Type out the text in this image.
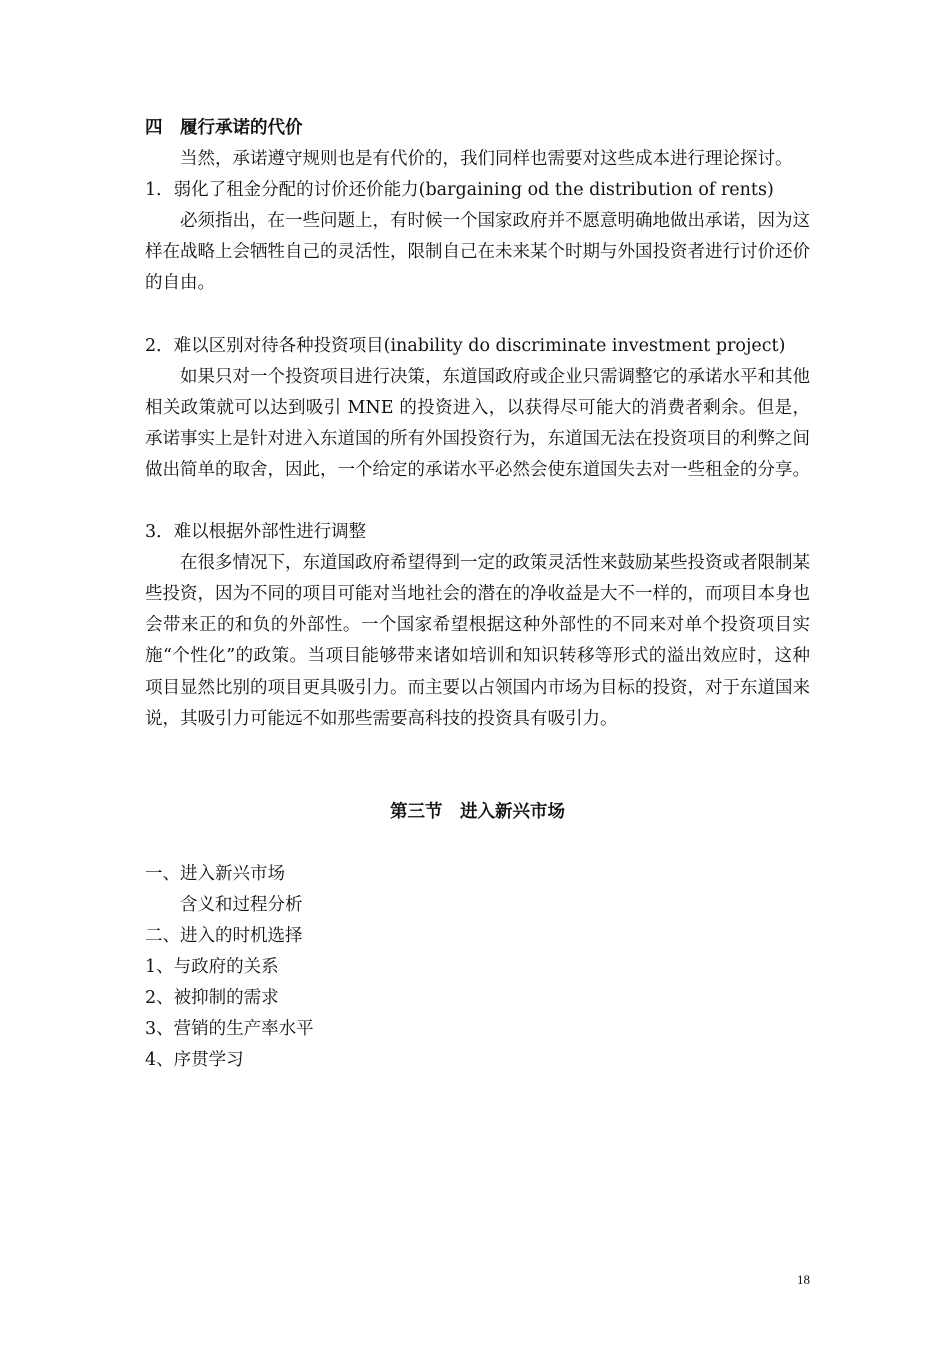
四　履行承诺的代价

当然，承诺遵守规则也是有代价的，我们同样也需要对这些成本进行理论探讨。

1．弱化了租金分配的讨价还价能力(bargaining od the distribution of rents)

必须指出，在一些问题上，有时候一个国家政府并不愿意明确地做出承诺，因为这样在战略上会牺牲自己的灵活性，限制自己在未来某个时期与外国投资者进行讨价还价的自由。

2．难以区别对待各种投资项目(inability do discriminate investment project)

如果只对一个投资项目进行决策，东道国政府或企业只需调整它的承诺水平和其他相关政策就可以达到吸引 MNE 的投资进入，以获得尽可能大的消费者剩余。但是，承诺事实上是针对进入东道国的所有外国投资行为，东道国无法在投资项目的利弊之间做出简单的取舍，因此，一个给定的承诺水平必然会使东道国失去对一些租金的分享。

3．难以根据外部性进行调整

在很多情况下，东道国政府希望得到一定的政策灵活性来鼓励某些投资或者限制某些投资，因为不同的项目可能对当地社会的潜在的净收益是大不一样的，而项目本身也会带来正的和负的外部性。一个国家希望根据这种外部性的不同来对单个投资项目实施“个性化”的政策。当项目能够带来诸如培训和知识转移等形式的溢出效应时，这种项目显然比别的项目更具吸引力。而主要以占领国内市场为目标的投资，对于东道国来说，其吸引力可能远不如那些需要高科技的投资具有吸引力。

第三节　进入新兴市场

一、进入新兴市场

含义和过程分析

二、进入的时机选择

1、与政府的关系

2、被抑制的需求

3、营销的生产率水平

4、序贯学习

18
